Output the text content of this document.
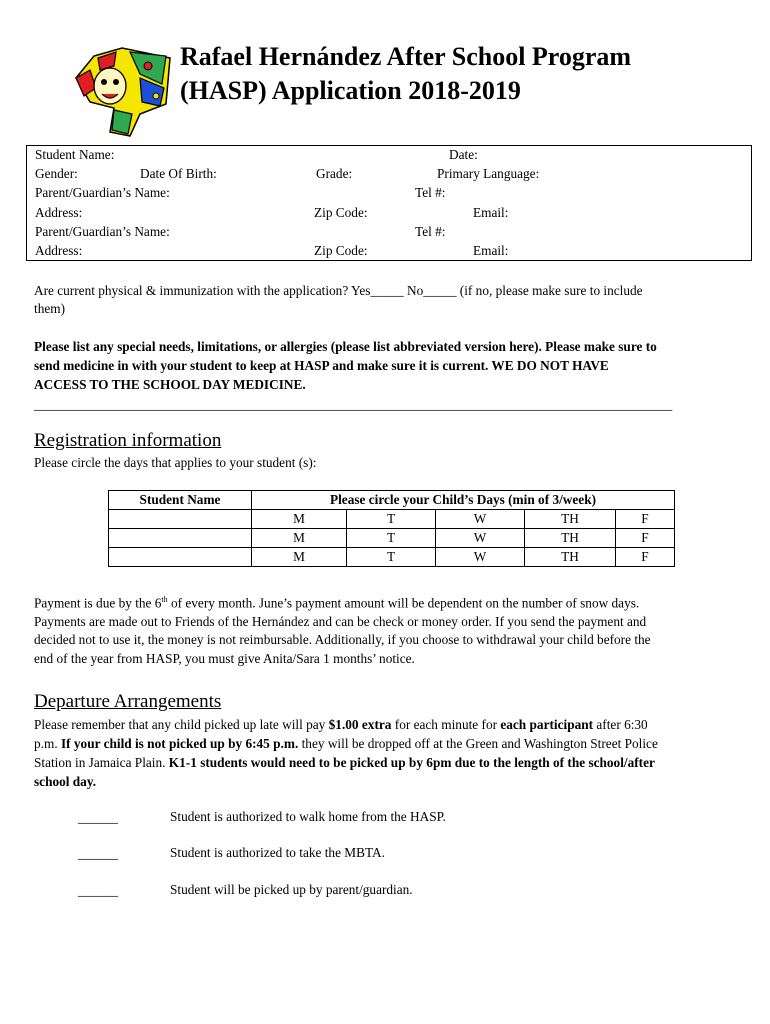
Rafael Hernández After School Program
(HASP) Application 2018-2019
Student Name:	Date:
Gender:	Date Of Birth:	Grade:	Primary Language:
Parent/Guardian’s Name:	Tel #:
Address:	Zip Code:	Email:
Parent/Guardian’s Name:	Tel #:
Address:	Zip Code:	Email:
Are current physical & immunization with the application? Yes_____ No_____ (if no, please make sure to include
them)
Please list any special needs, limitations, or allergies (please list abbreviated version here). Please make sure to
send medicine in with your student to keep at HASP and make sure it is current. WE DO NOT HAVE
ACCESS TO THE SCHOOL DAY MEDICINE.
________________________________________________________________________________________________
Registration information
Please circle the days that applies to your student (s):
Student Name	Please circle your Child’s Days (min of 3/week)				
	M	T	W	TH	F
	M	T	W	TH	F
	M	T	W	TH	F
Payment is due by the 6th of every month. June’s payment amount will be dependent on the number of snow days.
Payments are made out to Friends of the Hernández and can be check or money order. If you send the payment and
decided not to use it, the money is not reimbursable. Additionally, if you choose to withdrawal your child before the
end of the year from HASP, you must give Anita/Sara 1 months’ notice.
Departure Arrangements
Please remember that any child picked up late will pay $1.00 extra for each minute for each participant after 6:30
p.m. If your child is not picked up by 6:45 p.m. they will be dropped off at the Green and Washington Street Police
Station in Jamaica Plain. K1-1 students would need to be picked up by 6pm due to the length of the school/after
school day.
______	Student is authorized to walk home from the HASP.
______	Student is authorized to take the MBTA.
______	Student will be picked up by parent/guardian.
